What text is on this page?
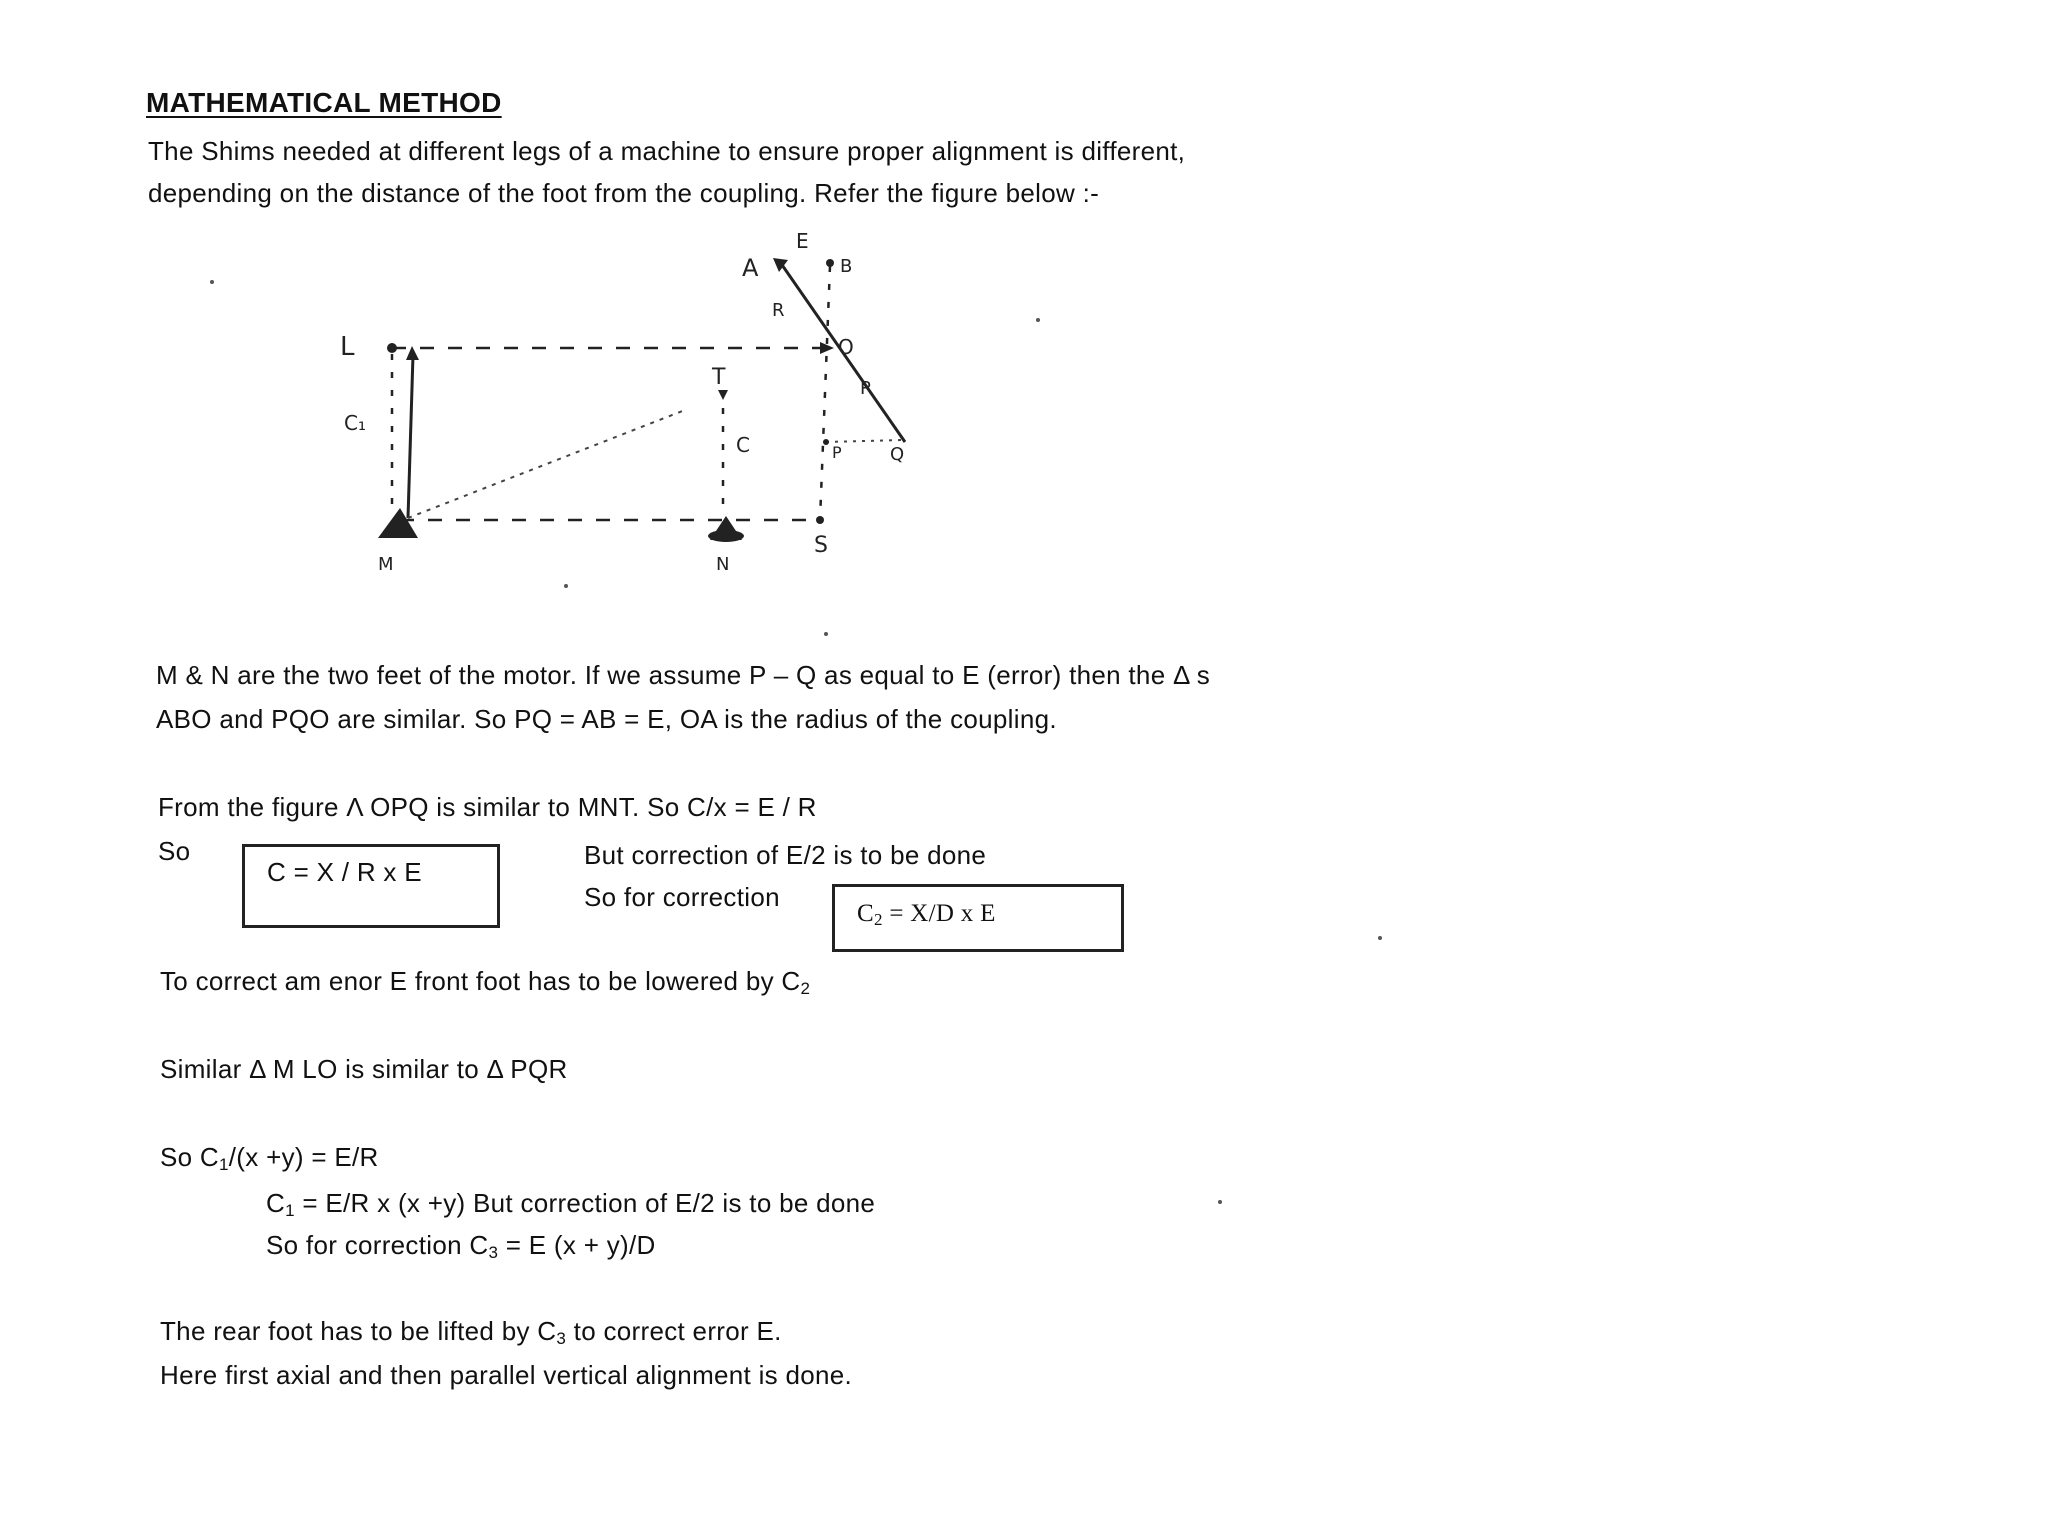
MATHEMATICAL METHOD

The Shims needed at different legs of a machine to ensure proper alignment is different,

depending on the distance of the foot from the coupling. Refer the figure below :-

E
A	B
R
O
R
Q
P
L
C₁
T
C
M	N
S

M & N are the two feet of the motor. If we assume P – Q as equal to E (error) then the Δ s

ABO and PQO are similar. So PQ = AB = E, OA is the radius of the coupling.

From the figure Λ OPQ is similar to MNT. So C/x = E / R

So

C = X / R x E

But correction of E/2 is to be done

So for correction

$C_2 = X/D$ x E

To correct am enor E front foot has to be lowered by $C_2$

Similar Δ M LO is similar to Δ PQR

So $C_1/(x +y) = E/R$

$C_1 = E/R$ x (x +y) But correction of E/2 is to be done

So for correction $C_3 = E$ (x + y)/D

The rear foot has to be lifted by $C_3$ to correct error E.

Here first axial and then parallel vertical alignment is done.
